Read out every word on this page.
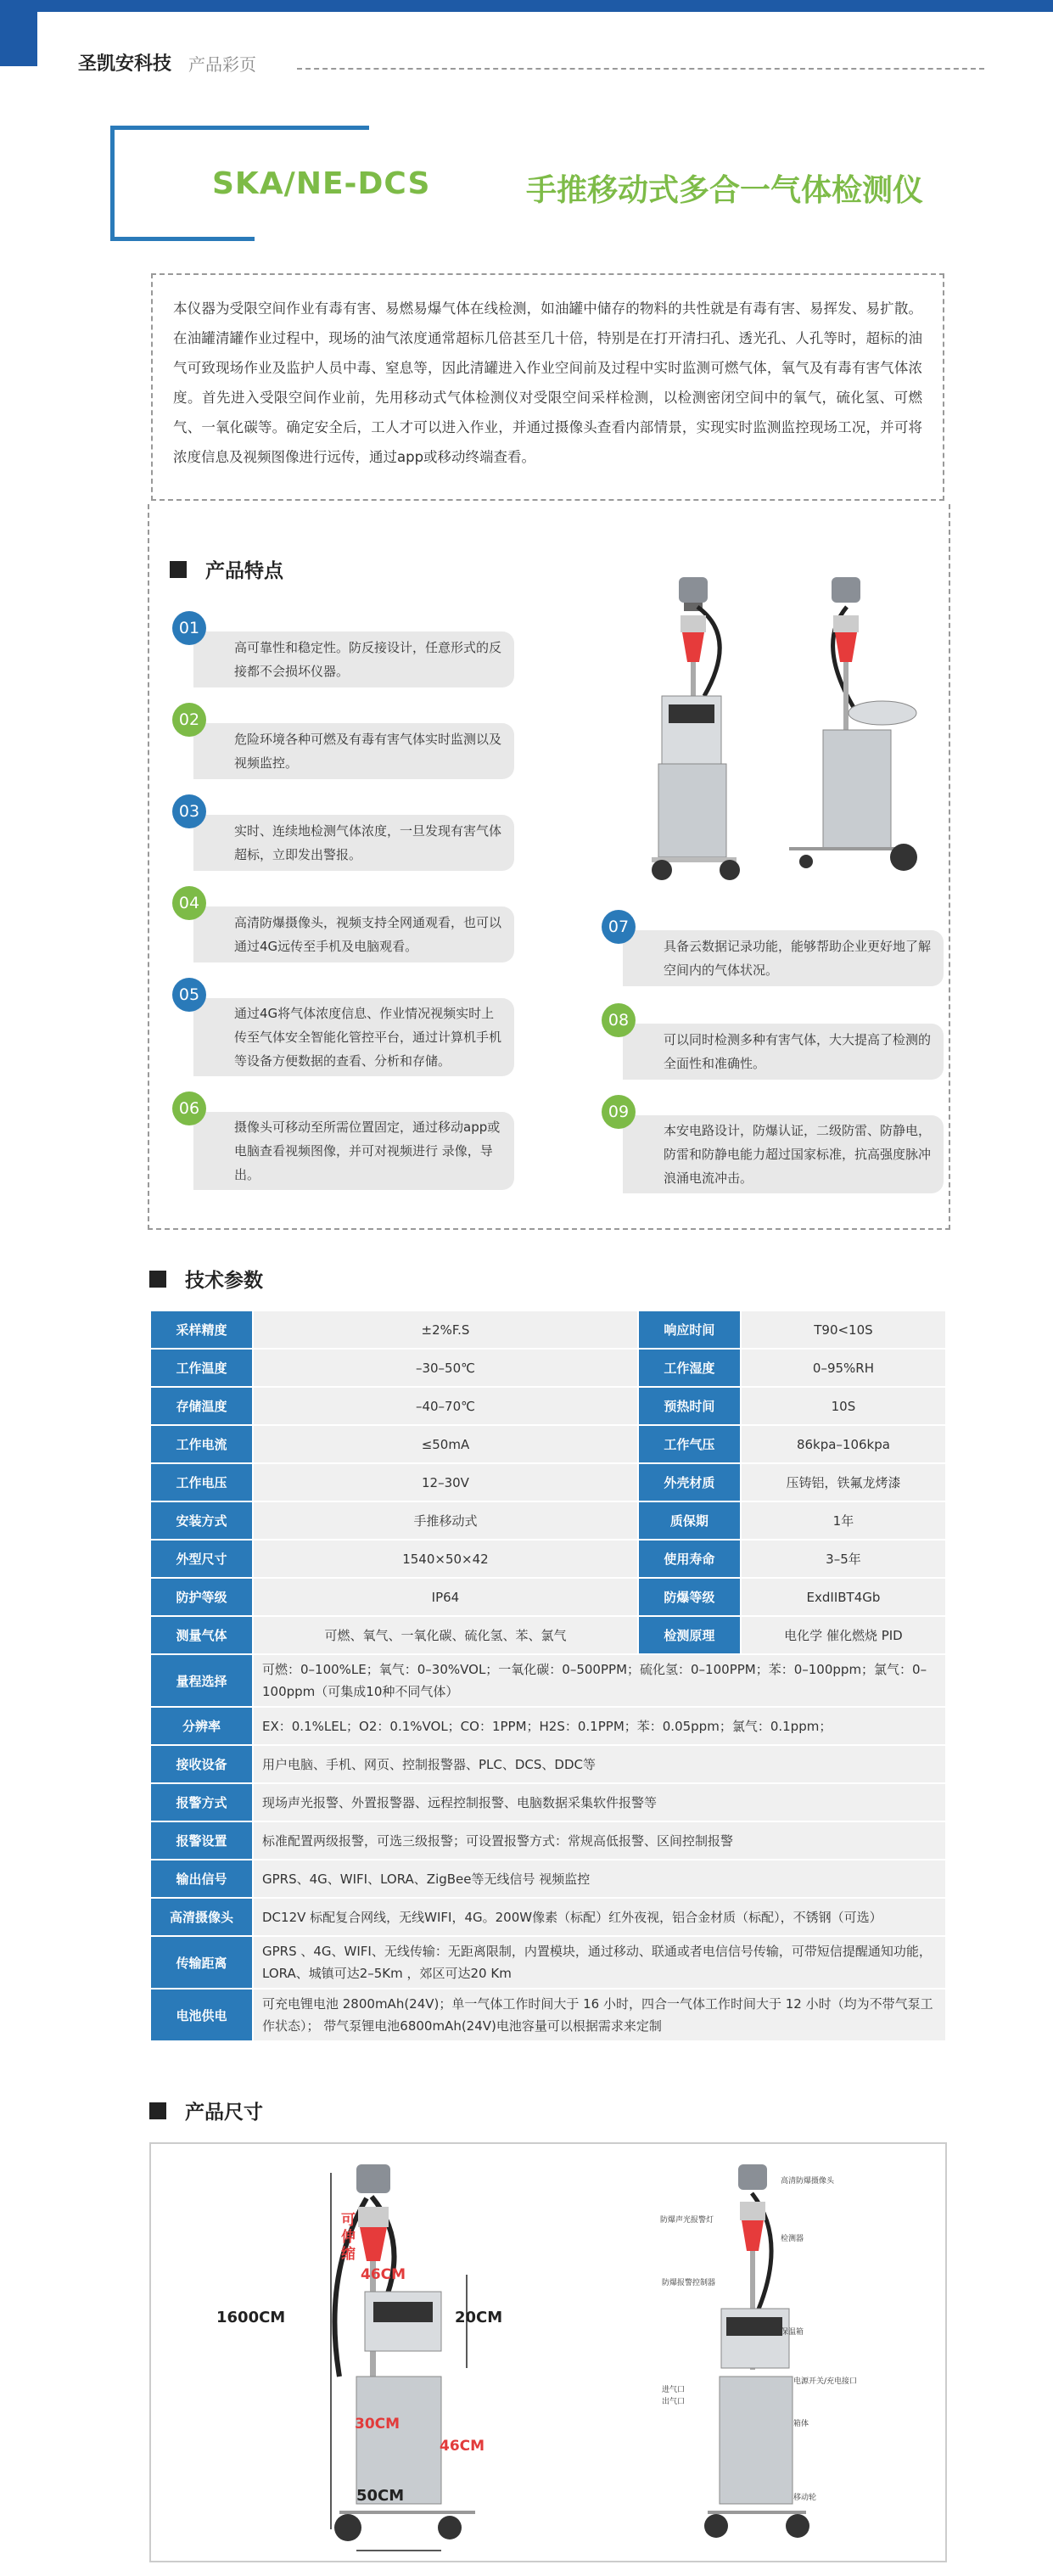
圣凯安科技 产品彩页
SKA/NE-DCS	手推移动式多合一气体检测仪
本仪器为受限空间作业有毒有害、易燃易爆气体在线检测，如油罐中储存的物料的共性就是有毒有害、易挥发、易扩散。在油罐清罐作业过程中，现场的油气浓度通常超标几倍甚至几十倍，特别是在打开清扫孔、透光孔、人孔等时，超标的油气可致现场作业及监护人员中毒、窒息等，因此清罐进入作业空间前及过程中实时监测可燃气体，氧气及有毒有害气体浓度。首先进入受限空间作业前，先用移动式气体检测仪对受限空间采样检测，以检测密闭空间中的氧气，硫化氢、可燃气、一氧化碳等。确定安全后，工人才可以进入作业，并通过摄像头查看内部情景，实现实时监测监控现场工况，并可将浓度信息及视频图像进行远传，通过app或移动终端查看。
产品特点
高可靠性和稳定性。防反接设计，任意形式的反接都不会损坏仪器。
01
危险环境各种可燃及有毒有害气体实时监测以及视频监控。
02
实时、连续地检测气体浓度，一旦发现有害气体超标，立即发出警报。
03
高清防爆摄像头，视频支持全网通观看，也可以通过4G远传至手机及电脑观看。
04
通过4G将气体浓度信息、作业情况视频实时上传至气体安全智能化管控平台，通过计算机手机等设备方便数据的查看、分析和存储。
05
摄像头可移动至所需位置固定，通过移动app或电脑查看视频图像，并可对视频进行 录像，导出。
06
具备云数据记录功能，能够帮助企业更好地了解空间内的气体状况。
07
可以同时检测多种有害气体，大大提高了检测的全面性和准确性。
08
本安电路设计，防爆认证，二级防雷、防静电，防雷和防静电能力超过国家标准，抗高强度脉冲浪涌电流冲击。
09
技术参数
采样精度	±2%F.S	响应时间	T90<10S
工作温度	–30–50℃	工作湿度	0–95%RH
存储温度	–40–70℃	预热时间	10S
工作电流	≤50mA	工作气压	86kpa–106kpa
工作电压	12–30V	外壳材质	压铸铝，铁氟龙烤漆
安装方式	手推移动式	质保期	1年
外型尺寸	1540×50×42	使用寿命	3–5年
防护等级	IP64	防爆等级	ExdIIBT4Gb
测量气体	可燃、氧气、一氧化碳、硫化氢、苯、氯气	检测原理	电化学 催化燃烧 PID
量程选择	可燃：0–100%LE；氧气：0–30%VOL；一氧化碳：0–500PPM；硫化氢：0–100PPM；苯：0–100ppm；氯气：0–100ppm（可集成10种不同气体）		
分辨率	EX：0.1%LEL；O2：0.1%VOL；CO：1PPM；H2S：0.1PPM；苯：0.05ppm；氯气：0.1ppm；		
接收设备	用户电脑、手机、网页、控制报警器、PLC、DCS、DDC等		
报警方式	现场声光报警、外置报警器、远程控制报警、电脑数据采集软件报警等		
报警设置	标准配置两级报警，可选三级报警；可设置报警方式：常规高低报警、区间控制报警		
输出信号	GPRS、4G、WIFI、LORA、ZigBee等无线信号 视频监控		
高清摄像头	DC12V 标配复合网线，无线WIFI，4G。200W像素（标配）红外夜视，铝合金材质（标配），不锈钢（可选）		
传输距离	GPRS 、4G、WIFI、无线传输：无距离限制，内置模块，通过移动、联通或者电信信号传输，可带短信提醒通知功能，LORA、城镇可达2–5Km ，郊区可达20 Km		
电池供电	可充电锂电池 2800mAh(24V)；单一气体工作时间大于 16 小时，四合一气体工作时间大于 12 小时（均为不带气泵工作状态）； 带气泵锂电池6800mAh(24V)电池容量可以根据需求来定制		
产品尺寸
1600CM
可伸缩
46CM
20CM
30CM
46CM
50CM
高清防爆摄像头
防爆声光报警灯
检测器
防爆报警控制器
保温箱
电源开关/充电接口
进气口
出气口
箱体
移动轮
